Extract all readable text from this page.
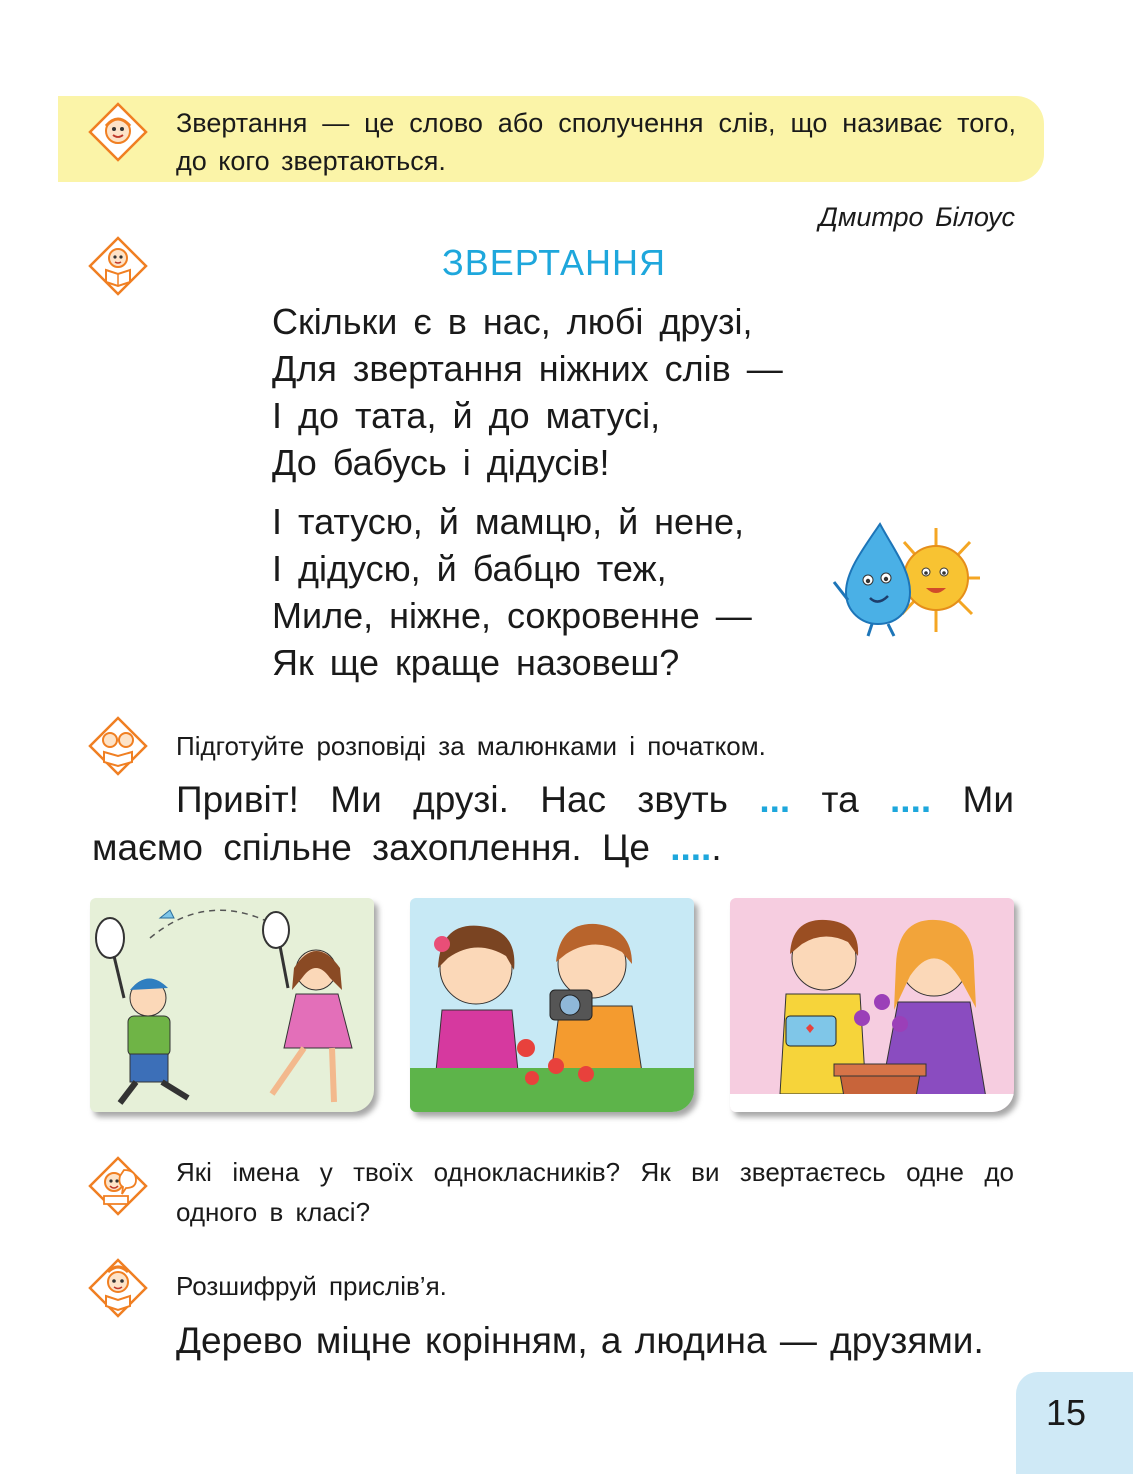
Звертання — це слово або сполучення слів, що називає того, до кого звертаються.
Дмитро Білоус
ЗВЕРТАННЯ
Скільки є в нас, любі друзі,
Для звертання ніжних слів —
І до тата, й до матусі,
До бабусь і дідусів!
І татусю, й мамцю, й нене,
І дідусю, й бабцю теж,
Миле, ніжне, сокровенне —
Як ще краще назовеш?
Підготуйте розповіді за малюнками і початком.
Привіт! Ми друзі. Нас звуть ... та .... Ми маємо спільне захоплення. Це .....
Які імена у твоїх однокласників? Як ви звертаєтесь одне до одного в класі?
Розшифруй прислів’я.
Дерево міцне корінням, а людина — друзями.
15
